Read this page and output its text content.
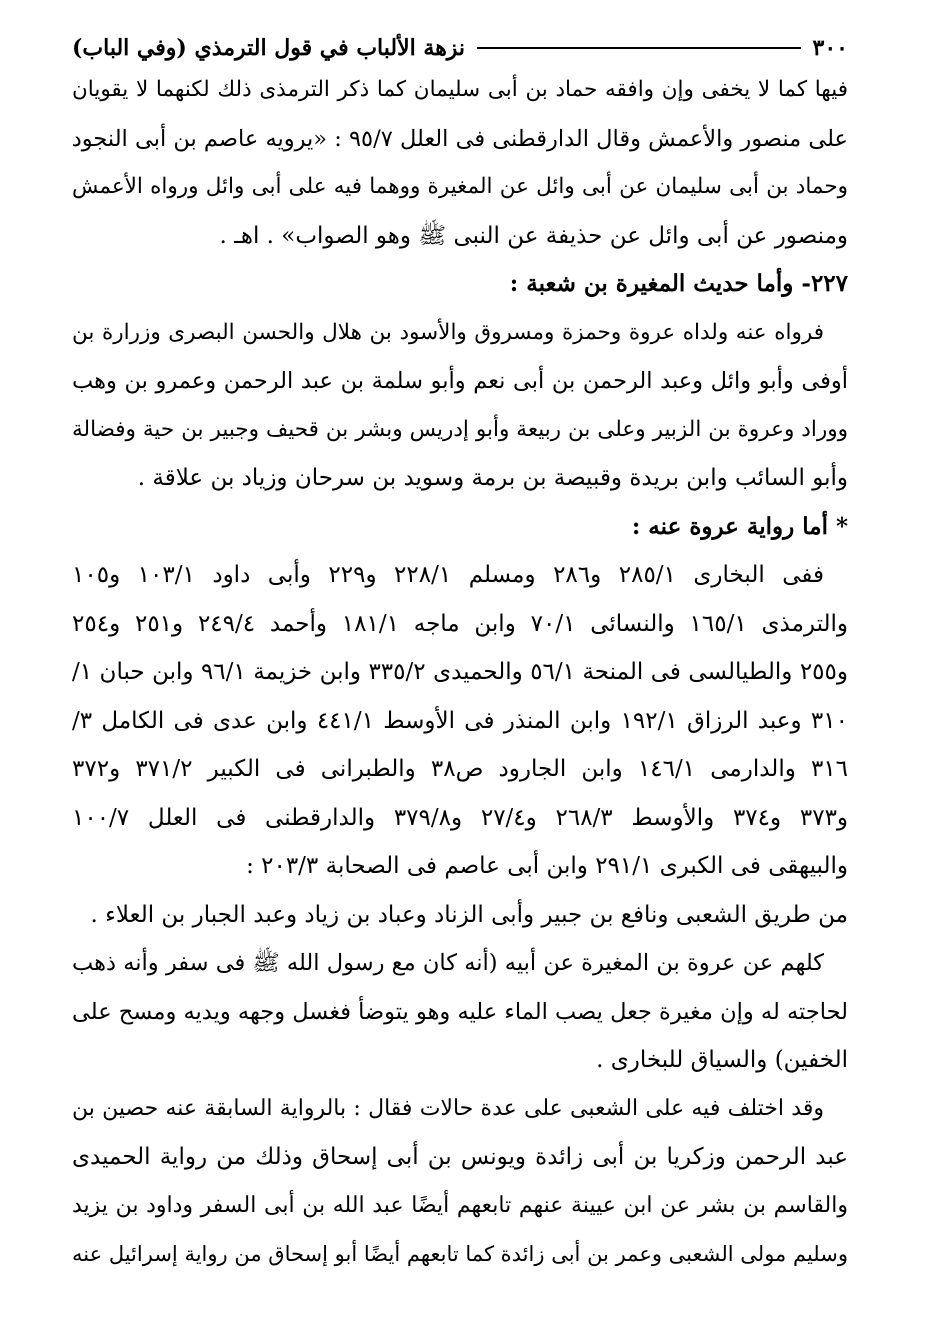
٣٠٠
نزهة الألباب في قول الترمذي (وفي الباب)
فيها كما لا يخفى وإن وافقه حماد بن أبى سليمان كما ذكر الترمذى ذلك لكنهما لا يقويان
على منصور والأعمش وقال الدارقطنى فى العلل ٩٥/٧ : «يرويه عاصم بن أبى النجود
وحماد بن أبى سليمان عن أبى وائل عن المغيرة ووهما فيه على أبى وائل ورواه الأعمش
ومنصور عن أبى وائل عن حذيفة عن النبى ﷺ وهو الصواب» . اهـ .
٢٢٧- وأما حديث المغيرة بن شعبة :
فرواه عنه ولداه عروة وحمزة ومسروق والأسود بن هلال والحسن البصرى وزرارة بن
أوفى وأبو وائل وعبد الرحمن بن أبى نعم وأبو سلمة بن عبد الرحمن وعمرو بن وهب
ووراد وعروة بن الزبير وعلى بن ربيعة وأبو إدريس وبشر بن قحيف وجبير بن حية وفضالة
وأبو السائب وابن بريدة وقبيصة بن برمة وسويد بن سرحان وزياد بن علاقة .
* أما رواية عروة عنه :
ففى البخارى ٢٨٥/١ و٢٨٦ ومسلم ٢٢٨/١ و٢٢٩ وأبى داود ١٠٣/١ و١٠٥
والترمذى ١٦٥/١ والنسائى ٧٠/١ وابن ماجه ١٨١/١ وأحمد ٢٤٩/٤ و٢٥١ و٢٥٤
و٢٥٥ والطيالسى فى المنحة ٥٦/١ والحميدى ٣٣٥/٢ وابن خزيمة ٩٦/١ وابن حبان ١/
٣١٠ وعبد الرزاق ١٩٢/١ وابن المنذر فى الأوسط ٤٤١/١ وابن عدى فى الكامل ٣/
٣١٦ والدارمى ١٤٦/١ وابن الجارود ص٣٨ والطبرانى فى الكبير ٣٧١/٢ و٣٧٢
و٣٧٣ و٣٧٤ والأوسط ٢٦٨/٣ و٢٧/٤ و٣٧٩/٨ والدارقطنى فى العلل ١٠٠/٧
والبيهقى فى الكبرى ٢٩١/١ وابن أبى عاصم فى الصحابة ٢٠٣/٣ :
من طريق الشعبى ونافع بن جبير وأبى الزناد وعباد بن زياد وعبد الجبار بن العلاء .
كلهم عن عروة بن المغيرة عن أبيه (أنه كان مع رسول الله ﷺ فى سفر وأنه ذهب
لحاجته له وإن مغيرة جعل يصب الماء عليه وهو يتوضأ فغسل وجهه ويديه ومسح على
الخفين) والسياق للبخارى .
وقد اختلف فيه على الشعبى على عدة حالات فقال : بالرواية السابقة عنه حصين بن
عبد الرحمن وزكريا بن أبى زائدة ويونس بن أبى إسحاق وذلك من رواية الحميدى
والقاسم بن بشر عن ابن عيينة عنهم تابعهم أيضًا عبد الله بن أبى السفر وداود بن يزيد
وسليم مولى الشعبى وعمر بن أبى زائدة كما تابعهم أيضًا أبو إسحاق من رواية إسرائيل عنه
